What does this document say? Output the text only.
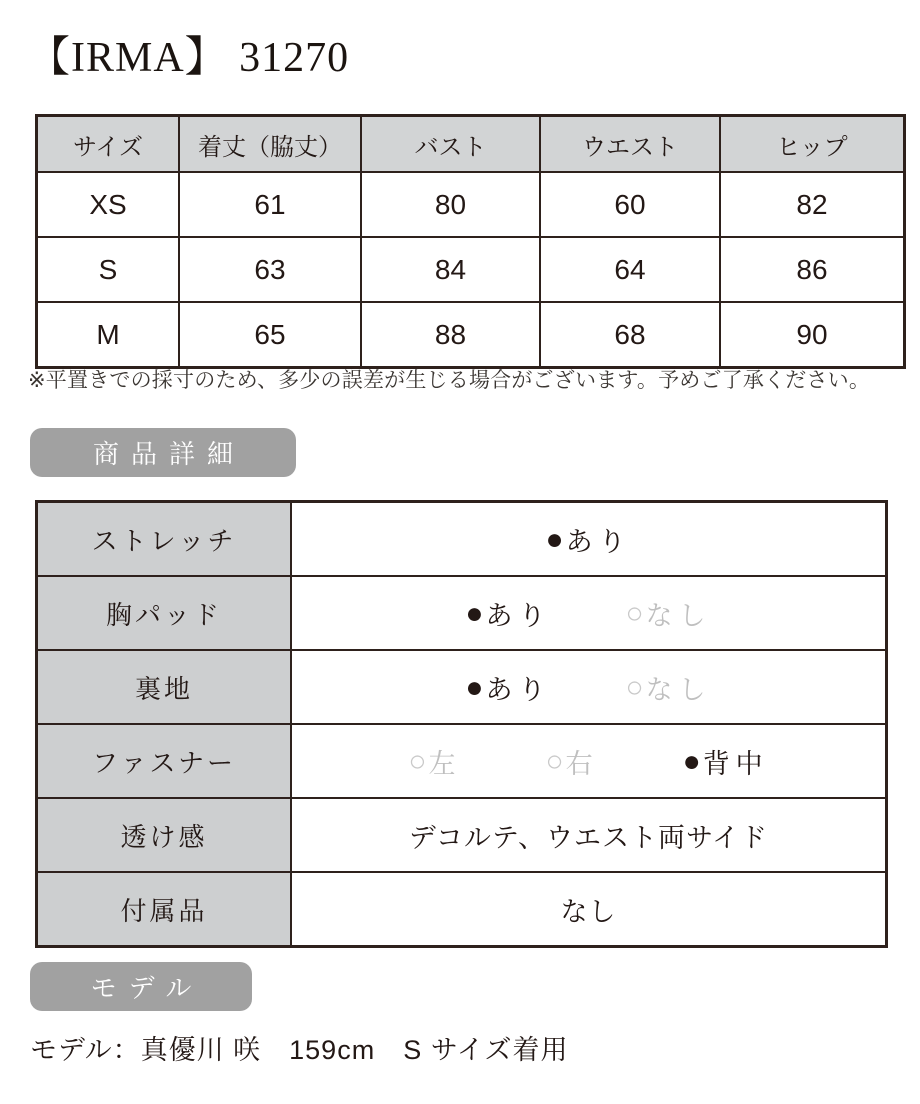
【IRMA】 31270
サイズ	着丈（脇丈）	バスト	ウエスト	ヒップ
XS	61	80	60	82
S	63	84	64	86
M	65	88	68	90
※平置きでの採寸のため、多少の誤差が生じる場合がございます。予めご了承ください。
商品詳細
ストレッチ	● あり

胸パッド	● あり ○ なし

裏地	● あり ○ なし

ファスナー	○ 左	○ 右	● 背中

透け感	デコルテ、ウエスト両サイド

付属品	なし
モデル
モデル：真優川 咲　159cm　S サイズ着用
